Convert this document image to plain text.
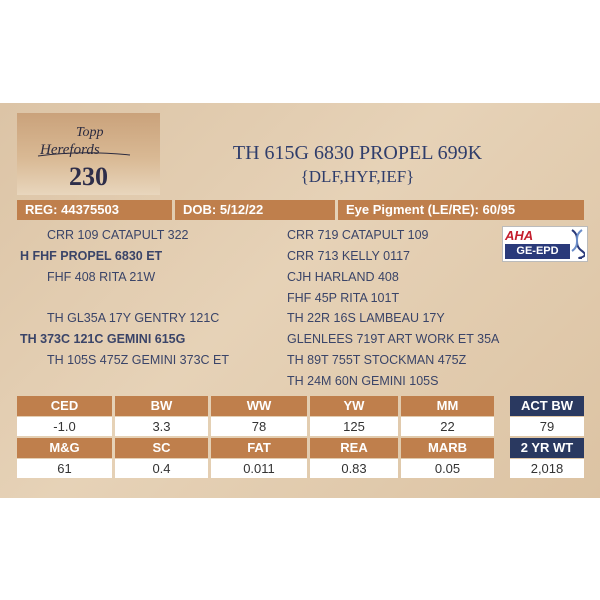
Topp
Herefords
230
TH 615G 6830 PROPEL 699K
{DLF,HYF,IEF}
REG: 44375503	DOB: 5/12/22	Eye Pigment (LE/RE): 60/95
CRR 109 CATAPULT 322
H FHF PROPEL 6830 ET
FHF 408 RITA 21W
TH GL35A 17Y GENTRY 121C
TH 373C 121C GEMINI 615G
TH 105S 475Z GEMINI 373C ET
CRR 719 CATAPULT 109
CRR 713 KELLY 0117
CJH HARLAND 408
FHF 45P RITA 101T
TH 22R 16S LAMBEAU 17Y
GLENLEES 719T ART WORK ET 35A
TH 89T 755T STOCKMAN 475Z
TH 24M 60N GEMINI 105S
AHA
GE-EPD
CED	BW	WW	YW	MM	ACT BW
-1.0	3.3	78	125	22	79
M&G	SC	FAT	REA	MARB	2 YR WT
61	0.4	0.011	0.83	0.05	2,018
